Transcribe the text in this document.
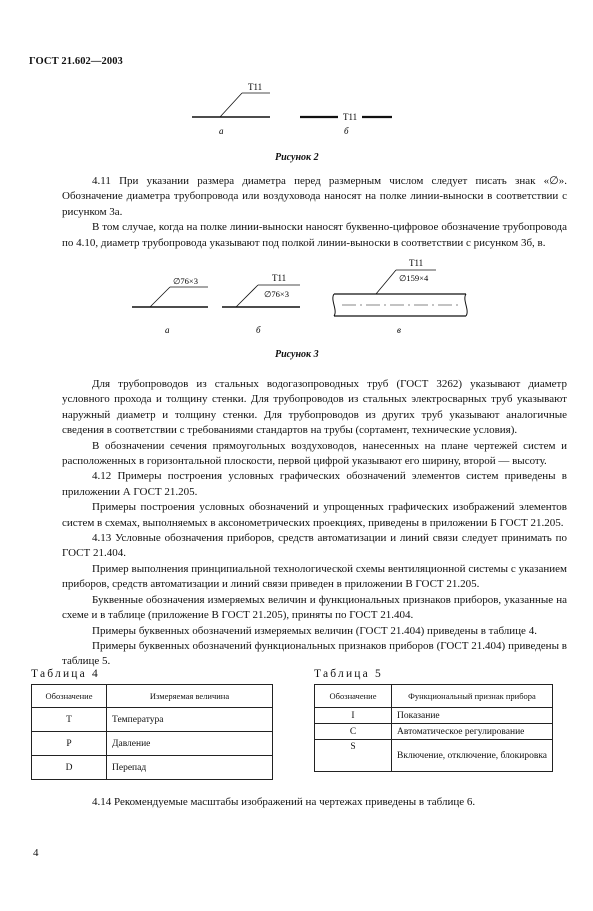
ГОСТ 21.602—2003
T11
а
T11
б
∅76×3
а
T11
∅76×3
б
T11
∅159×4
в
Рисунок 2

4.11 При указании размера диаметра перед размерным числом следует писать знак «∅». Обозначение диаметра трубопровода или воздуховода наносят на полке линии-выноски в соответствии с рисунком 3а.

В том случае, когда на полке линии-выноски наносят буквенно-цифровое обозначение трубопровода по 4.10, диаметр трубопровода указывают под полкой линии-выноски в соответствии с рисунком 3б, в.

Рисунок 3

Для трубопроводов из стальных водогазопроводных труб (ГОСТ 3262) указывают диаметр условного прохода и толщину стенки. Для трубопроводов из стальных электросварных труб указывают наружный диаметр и толщину стенки. Для трубопроводов из других труб указывают аналогичные сведения в соответствии с требованиями стандартов на трубы (сортамент, технические условия).

В обозначении сечения прямоугольных воздуховодов, нанесенных на плане чертежей систем и расположенных в горизонтальной плоскости, первой цифрой указывают его ширину, второй — высоту.

4.12 Примеры построения условных графических обозначений элементов систем приведены в приложении А ГОСТ 21.205.

Примеры построения условных обозначений и упрощенных графических изображений элементов систем в схемах, выполняемых в аксонометрических проекциях, приведены в приложении Б ГОСТ 21.205.

4.13 Условные обозначения приборов, средств автоматизации и линий связи следует принимать по ГОСТ 21.404.

Пример выполнения принципиальной технологической схемы вентиляционной системы с указанием приборов, средств автоматизации и линий связи приведен в приложении В ГОСТ 21.205.

Буквенные обозначения измеряемых величин и функциональных признаков приборов, указанные на схеме и в таблице (приложение В ГОСТ 21.205), приняты по ГОСТ 21.404.

Примеры буквенных обозначений измеряемых величин (ГОСТ 21.404) приведены в таблице 4.

Примеры буквенных обозначений функциональных признаков приборов (ГОСТ 21.404) приведены в таблице 5.

Таблица 4
Обозначение	Измеряемая величина
T	Температура
P	Давление
D	Перепад
Таблица 5
Обозначение	Функциональный признак прибора
I	Показание
C	Автоматическое регулирование
S	Включение, отключение, блокировка

4.14 Рекомендуемые масштабы изображений на чертежах приведены в таблице 6.

4
